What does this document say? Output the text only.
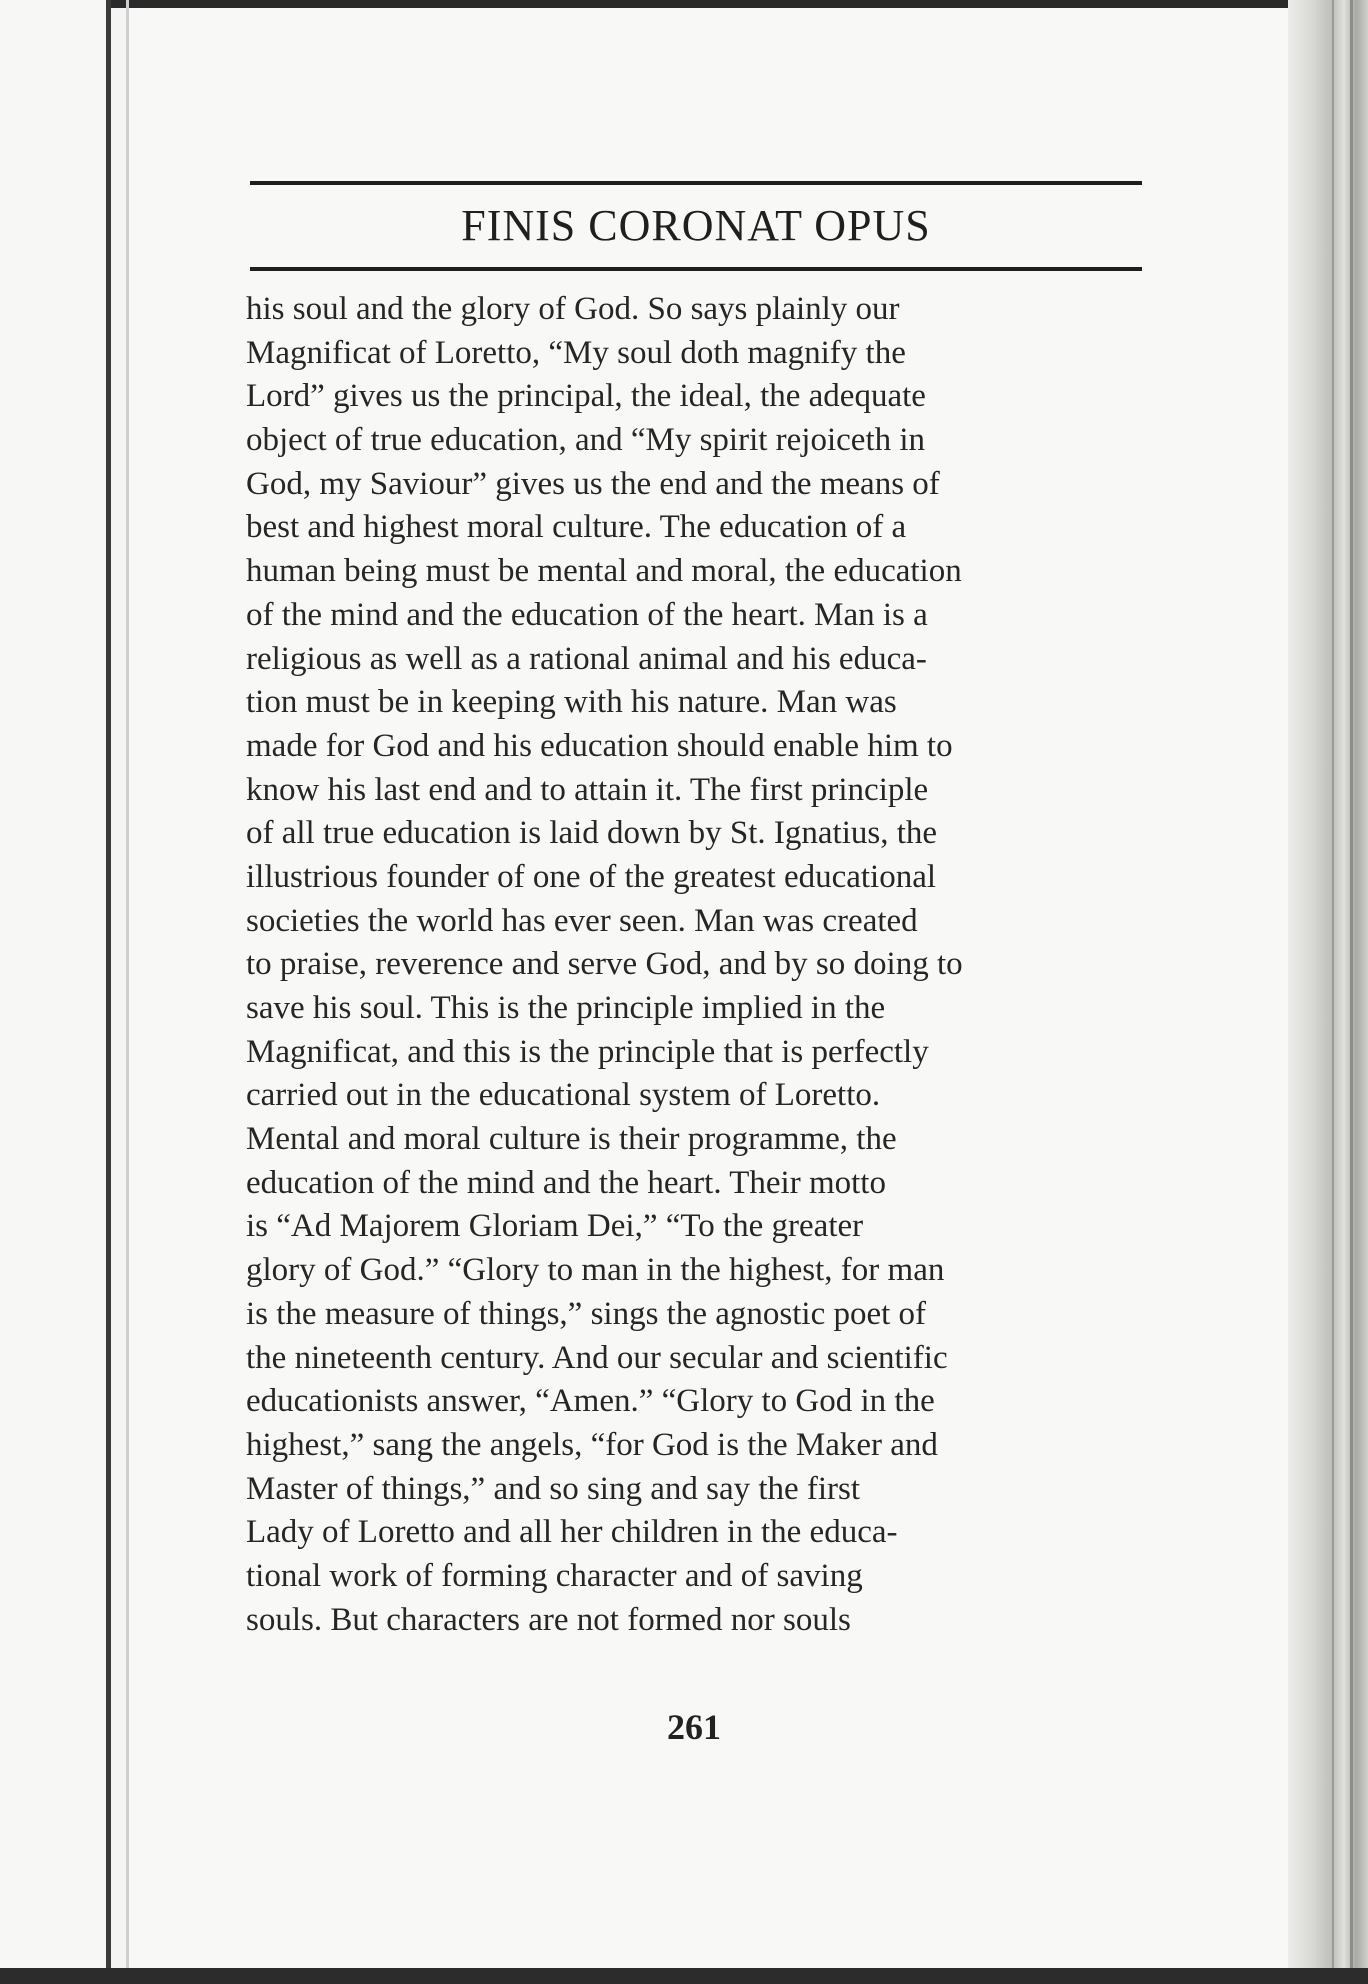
FINIS CORONAT OPUS
his soul and the glory of God. So says plainly our
Magnificat of Loretto, “My soul doth magnify the
Lord” gives us the principal, the ideal, the adequate
object of true education, and “My spirit rejoiceth in
God, my Saviour” gives us the end and the means of
best and highest moral culture. The education of a
human being must be mental and moral, the education
of the mind and the education of the heart. Man is a
religious as well as a rational animal and his educa-
tion must be in keeping with his nature. Man was
made for God and his education should enable him to
know his last end and to attain it. The first principle
of all true education is laid down by St. Ignatius, the
illustrious founder of one of the greatest educational
societies the world has ever seen. Man was created
to praise, reverence and serve God, and by so doing to
save his soul. This is the principle implied in the
Magnificat, and this is the principle that is perfectly
carried out in the educational system of Loretto.
Mental and moral culture is their programme, the
education of the mind and the heart. Their motto
is “Ad Majorem Gloriam Dei,” “To the greater
glory of God.” “Glory to man in the highest, for man
is the measure of things,” sings the agnostic poet of
the nineteenth century. And our secular and scientific
educationists answer, “Amen.” “Glory to God in the
highest,” sang the angels, “for God is the Maker and
Master of things,” and so sing and say the first
Lady of Loretto and all her children in the educa-
tional work of forming character and of saving
souls. But characters are not formed nor souls
261
